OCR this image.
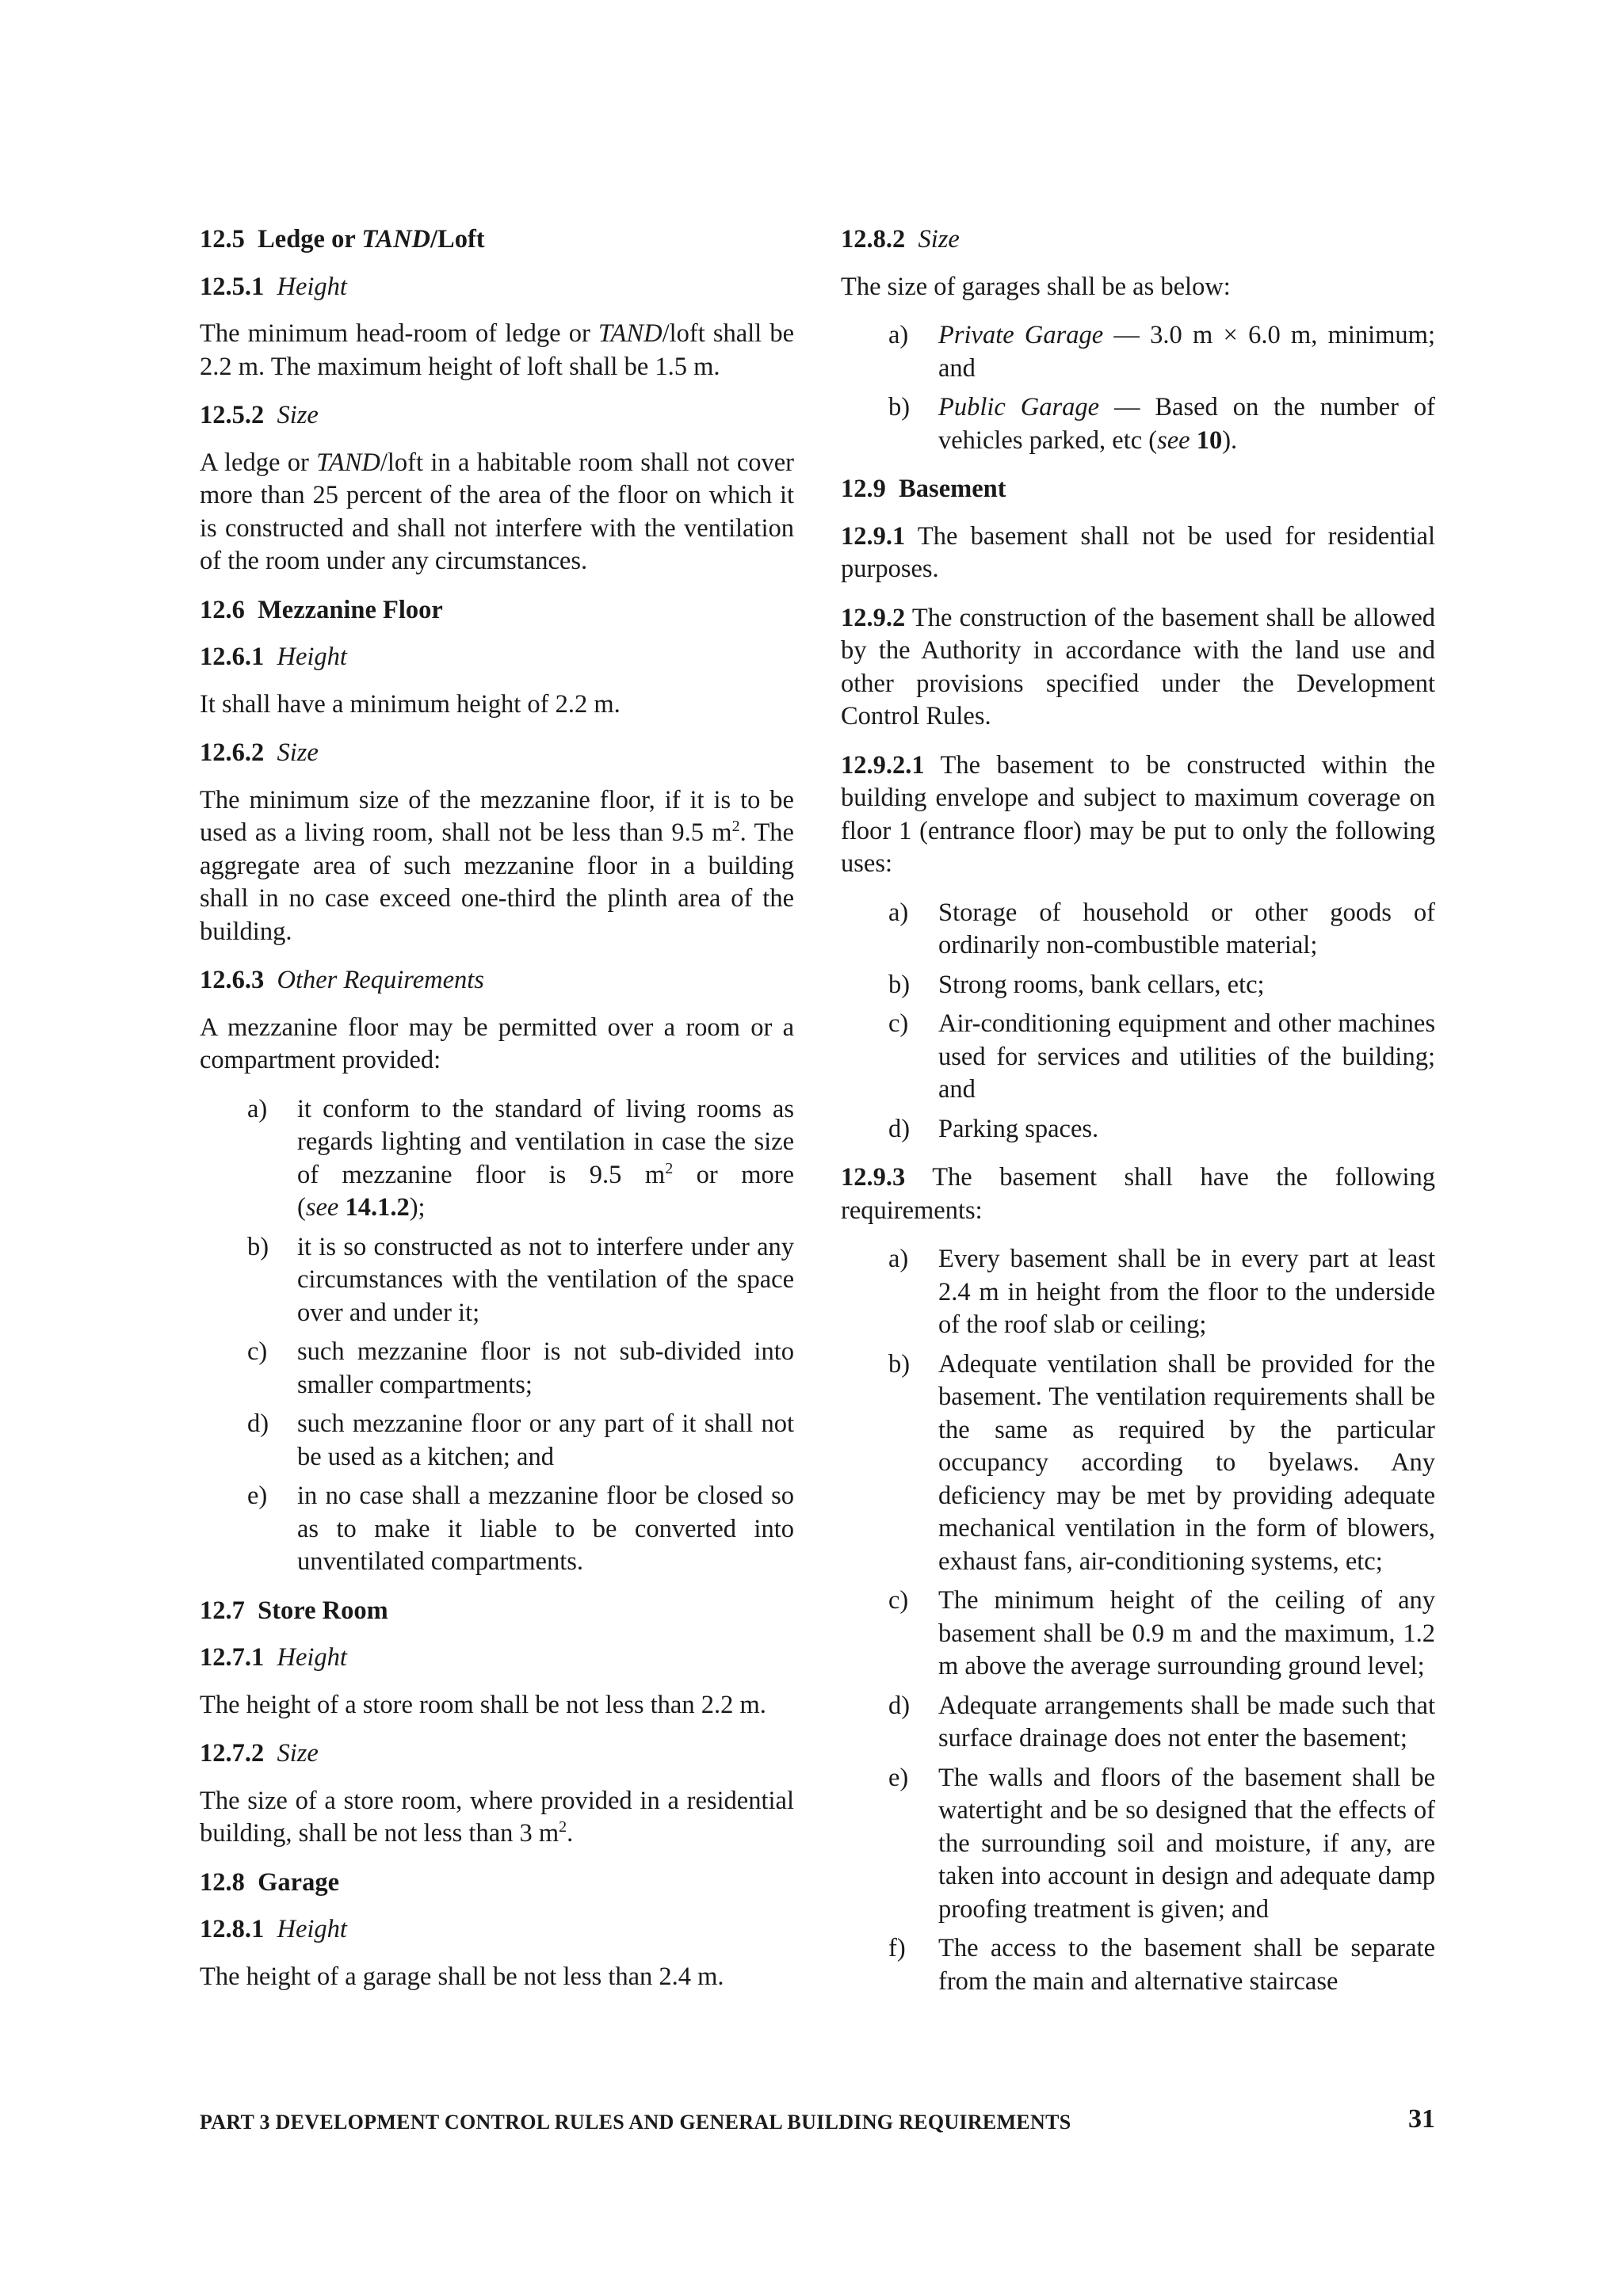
12.5 Ledge or TAND/Loft

12.5.1 Height

The minimum head-room of ledge or TAND/loft shall be 2.2 m. The maximum height of loft shall be 1.5 m.

12.5.2 Size

A ledge or TAND/loft in a habitable room shall not cover more than 25 percent of the area of the floor on which it is constructed and shall not interfere with the ventilation of the room under any circumstances.

12.6 Mezzanine Floor

12.6.1 Height

It shall have a minimum height of 2.2 m.

12.6.2 Size

The minimum size of the mezzanine floor, if it is to be used as a living room, shall not be less than 9.5 $m^2$. The aggregate area of such mezzanine floor in a building shall in no case exceed one-third the plinth area of the building.

12.6.3 Other Requirements

A mezzanine floor may be permitted over a room or a compartment provided:

a) it conform to the standard of living rooms as regards lighting and ventilation in case the size of mezzanine floor is 9.5 $m^2$ or more (see 14.1.2);
b) it is so constructed as not to interfere under any circumstances with the ventilation of the space over and under it;
c) such mezzanine floor is not sub-divided into smaller compartments;
d) such mezzanine floor or any part of it shall not be used as a kitchen; and
e) in no case shall a mezzanine floor be closed so as to make it liable to be converted into unventilated compartments.

12.7 Store Room

12.7.1 Height

The height of a store room shall be not less than 2.2 m.

12.7.2 Size

The size of a store room, where provided in a residential building, shall be not less than 3 $m^2$.

12.8 Garage

12.8.1 Height

The height of a garage shall be not less than 2.4 m.

12.8.2 Size

The size of garages shall be as below:

a) Private Garage — 3.0 m × 6.0 m, minimum; and
b) Public Garage — Based on the number of vehicles parked, etc (see 10).

12.9 Basement

12.9.1 The basement shall not be used for residential purposes.

12.9.2 The construction of the basement shall be allowed by the Authority in accordance with the land use and other provisions specified under the Development Control Rules.

12.9.2.1 The basement to be constructed within the building envelope and subject to maximum coverage on floor 1 (entrance floor) may be put to only the following uses:

a) Storage of household or other goods of ordinarily non-combustible material;
b) Strong rooms, bank cellars, etc;
c) Air-conditioning equipment and other machines used for services and utilities of the building; and
d) Parking spaces.

12.9.3 The basement shall have the following requirements:

a) Every basement shall be in every part at least 2.4 m in height from the floor to the underside of the roof slab or ceiling;
b) Adequate ventilation shall be provided for the basement. The ventilation requirements shall be the same as required by the particular occupancy according to byelaws. Any deficiency may be met by providing adequate mechanical ventilation in the form of blowers, exhaust fans, air-conditioning systems, etc;
c) The minimum height of the ceiling of any basement shall be 0.9 m and the maximum, 1.2 m above the average surrounding ground level;
d) Adequate arrangements shall be made such that surface drainage does not enter the basement;
e) The walls and floors of the basement shall be watertight and be so designed that the effects of the surrounding soil and moisture, if any, are taken into account in design and adequate damp proofing treatment is given; and
f) The access to the basement shall be separate from the main and alternative staircase
PART 3 DEVELOPMENT CONTROL RULES AND GENERAL BUILDING REQUIREMENTS	31
